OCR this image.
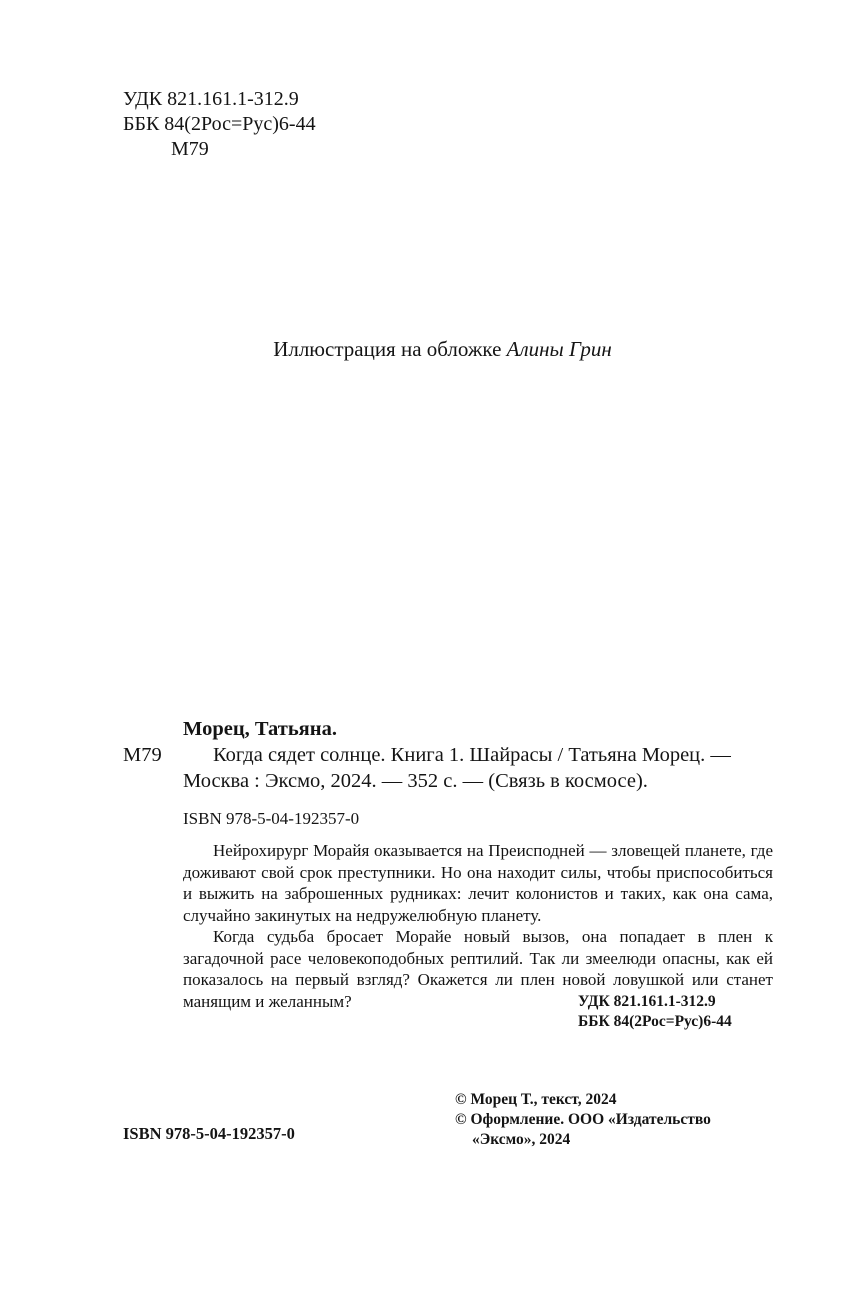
УДК 821.161.1-312.9
ББК 84(2Рос=Рус)6-44
М79
Иллюстрация на обложке Алины Грин
Морец, Татьяна.
М79	Когда сядет солнце. Книга 1. Шайрасы / Татьяна Морец. —
Москва : Эксмо, 2024. — 352 с. — (Связь в космосе).
ISBN 978-5-04-192357-0

Нейрохирург Морайя оказывается на Преисподней — зловещей планете, где доживают свой срок преступники. Но она находит силы, чтобы приспособиться и выжить на заброшенных рудниках: лечит колонистов и таких, как она сама, случайно закинутых на недружелюбную планету.

Когда судьба бросает Морайе новый вызов, она попадает в плен к загадочной расе человекоподобных рептилий. Так ли змеелюди опасны, как ей показалось на первый взгляд? Окажется ли плен новой ловушкой или станет манящим и желанным?	УДК 821.161.1-312.9
ББК 84(2Рос=Рус)6-44
© Морец Т., текст, 2024
© Оформление. ООО «Издательство
«Эксмо», 2024
ISBN 978-5-04-192357-0
